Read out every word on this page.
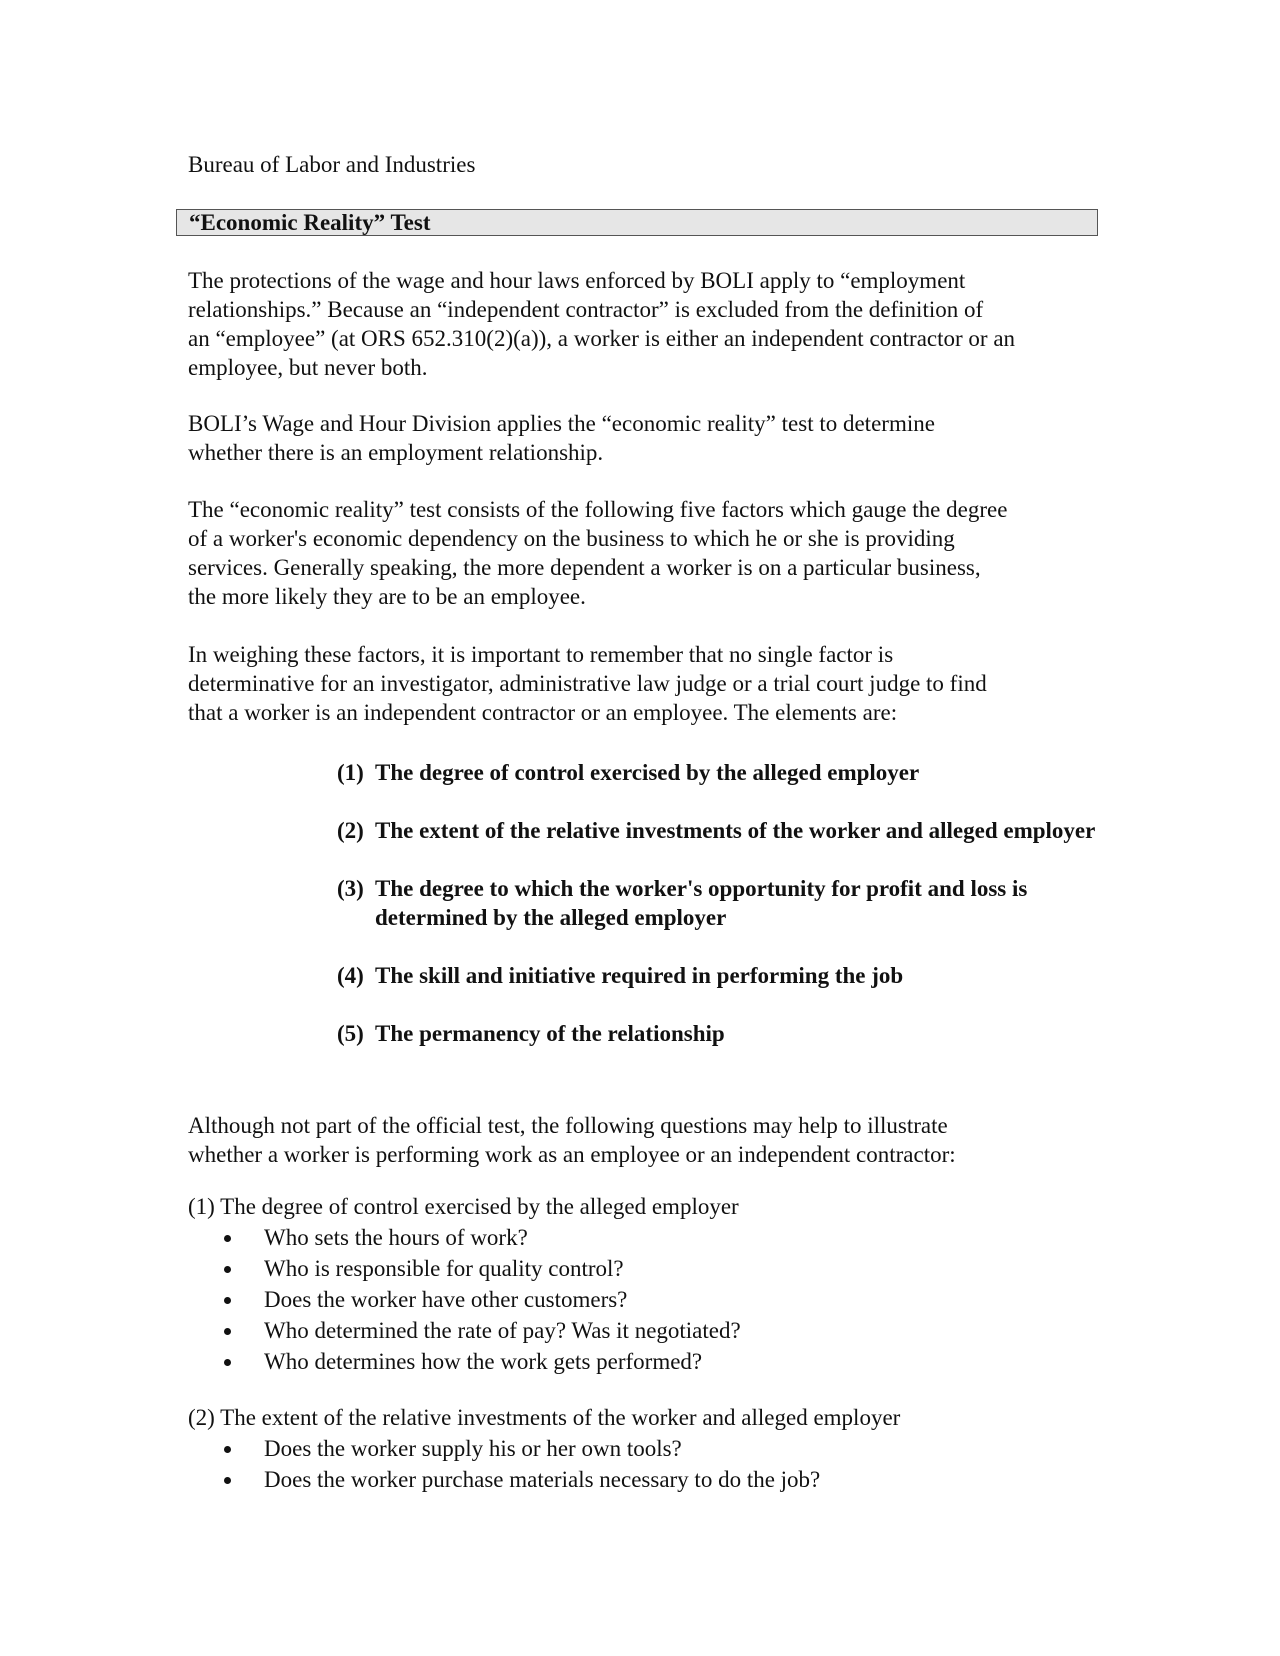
Bureau of Labor and Industries
“Economic Reality” Test
The protections of the wage and hour laws enforced by BOLI apply to “employment
relationships.” Because an “independent contractor” is excluded from the definition of
an “employee” (at ORS 652.310(2)(a)), a worker is either an independent contractor or an
employee, but never both.
BOLI’s Wage and Hour Division applies the “economic reality” test to determine
whether there is an employment relationship.
The “economic reality” test consists of the following five factors which gauge the degree
of a worker's economic dependency on the business to which he or she is providing
services. Generally speaking, the more dependent a worker is on a particular business,
the more likely they are to be an employee.
In weighing these factors, it is important to remember that no single factor is
determinative for an investigator, administrative law judge or a trial court judge to find
that a worker is an independent contractor or an employee. The elements are:
(1) The degree of control exercised by the alleged employer
(2) The extent of the relative investments of the worker and alleged employer
(3) The degree to which the worker's opportunity for profit and loss is determined by the alleged employer
(4) The skill and initiative required in performing the job
(5) The permanency of the relationship
Although not part of the official test, the following questions may help to illustrate
whether a worker is performing work as an employee or an independent contractor:
(1) The degree of control exercised by the alleged employer
Who sets the hours of work?
Who is responsible for quality control?
Does the worker have other customers?
Who determined the rate of pay? Was it negotiated?
Who determines how the work gets performed?
(2) The extent of the relative investments of the worker and alleged employer
Does the worker supply his or her own tools?
Does the worker purchase materials necessary to do the job?
